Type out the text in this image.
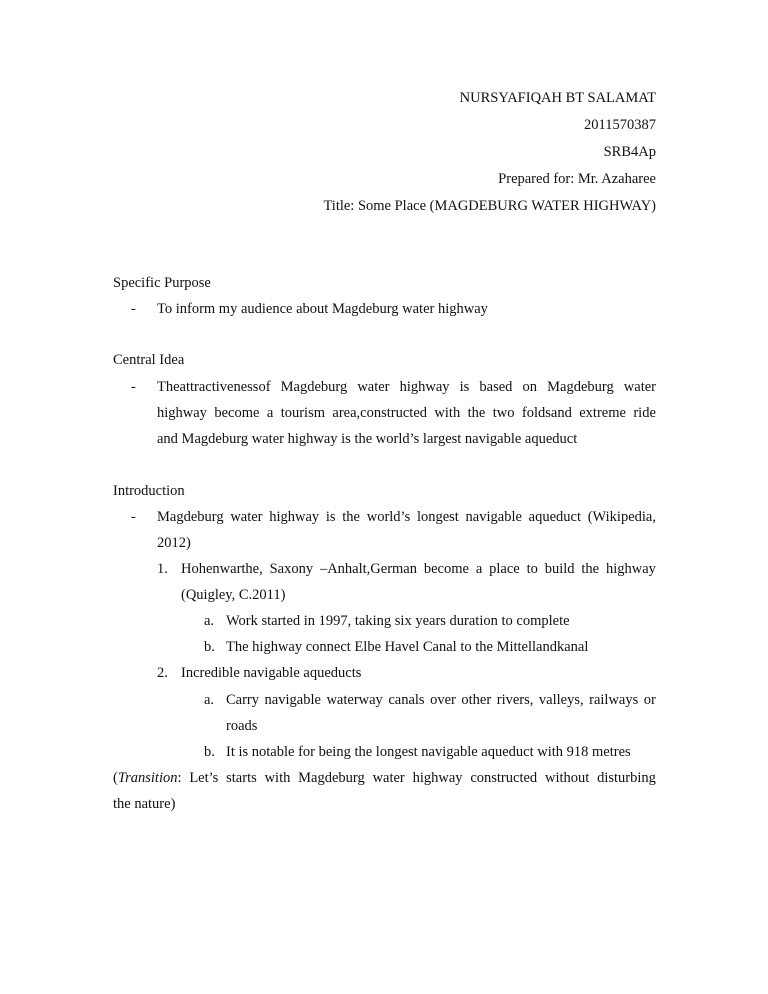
NURSYAFIQAH BT SALAMAT
2011570387
SRB4Ap
Prepared for: Mr. Azaharee
Title: Some Place (MAGDEBURG WATER HIGHWAY)
Specific Purpose
- To inform my audience about Magdeburg water highway
Central Idea
- Theattractivenessof Magdeburg water highway is based on Magdeburg water
highway become a tourism area,constructed with the two foldsand extreme ride
and Magdeburg water highway is the world’s largest navigable aqueduct
Introduction
- Magdeburg water highway is the world’s longest navigable aqueduct (Wikipedia,
2012)
1. Hohenwarthe, Saxony –Anhalt,German become a place to build the highway
(Quigley, C.2011)
a. Work started in 1997, taking six years duration to complete
b. The highway connect Elbe Havel Canal to the Mittellandkanal
2. Incredible navigable aqueducts
a. Carry navigable waterway canals over other rivers, valleys, railways or
roads
b. It is notable for being the longest navigable aqueduct with 918 metres
(Transition: Let’s starts with Magdeburg water highway constructed without disturbing
the nature)
